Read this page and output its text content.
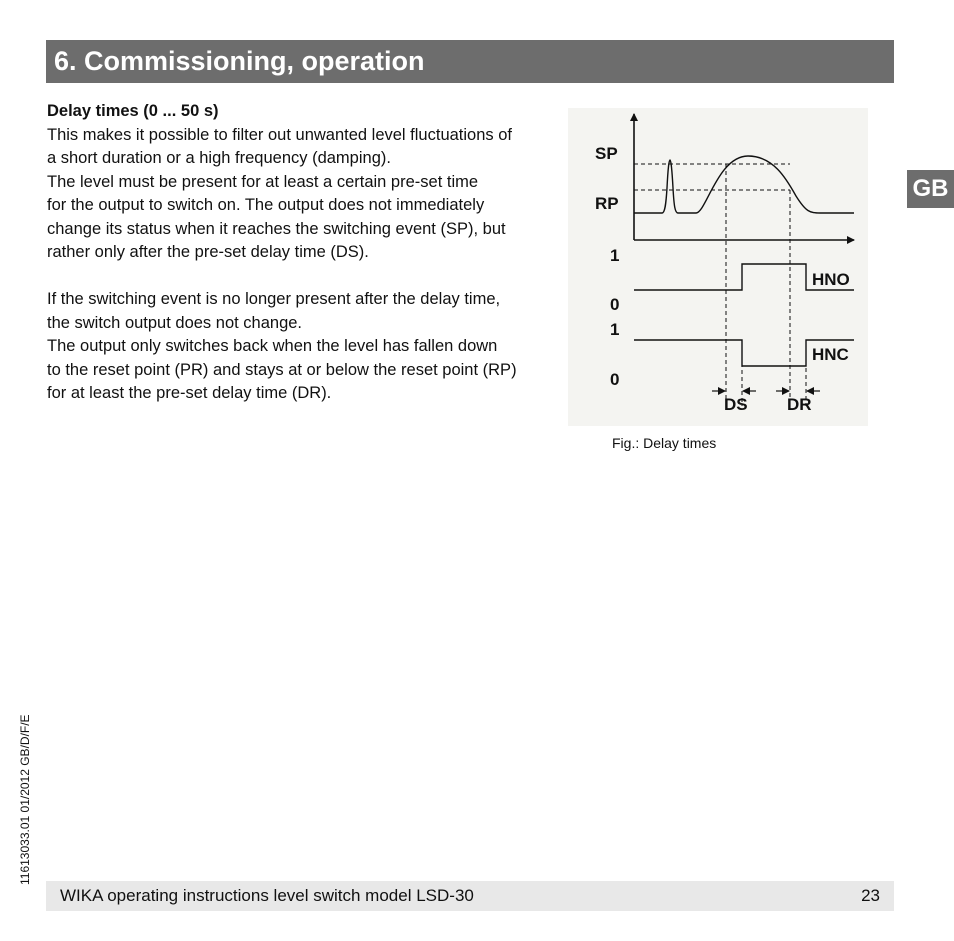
6. Commissioning, operation
GB

Delay times (0 ... 50 s)

This makes it possible to filter out unwanted level fluctuations of

a short duration or a high frequency (damping).

The level must be present for at least a certain pre-set time

for the output to switch on. The output does not immediately

change its status when it reaches the switching event (SP), but

rather only after the pre-set delay time (DS).

If the switching event is no longer present after the delay time,

the switch output does not change.

The output only switches back when the level has fallen down

to the reset point (PR) and stays at or below the reset point (RP)

for at least the pre-set delay time (DR).

SP
RP
1
0
1
0
HNO
HNC
DS DR
Fig.: Delay times
11613033.01 01/2012 GB/D/F/E
WIKA operating instructions level switch model LSD-30	23
